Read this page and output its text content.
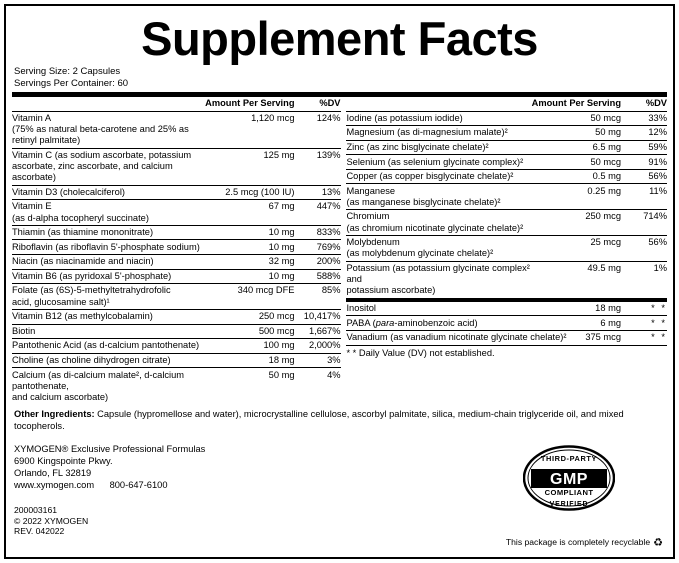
Supplement Facts
Serving Size: 2 Capsules
Servings Per Container: 60
	Amount Per Serving	%DV
Vitamin A
(75% as natural beta-carotene and 25% as retinyl palmitate)	1,120 mcg	124%
Vitamin C (as sodium ascorbate, potassium
ascorbate, zinc ascorbate, and calcium ascorbate)	125 mg	139%
Vitamin D3 (cholecalciferol)	2.5 mcg (100 IU)	13%
Vitamin E
(as d-alpha tocopheryl succinate)	67 mg	447%
Thiamin (as thiamine mononitrate)	10 mg	833%
Riboflavin (as riboflavin 5'-phosphate sodium)	10 mg	769%
Niacin (as niacinamide and niacin)	32 mg	200%
Vitamin B6 (as pyridoxal 5'-phosphate)	10 mg	588%
Folate (as (6S)-5-methyltetrahydrofolic
acid, glucosamine salt)¹	340 mcg DFE	85%
Vitamin B12 (as methylcobalamin)	250 mcg	10,417%
Biotin	500 mcg	1,667%
Pantothenic Acid (as d-calcium pantothenate)	100 mg	2,000%
Choline (as choline dihydrogen citrate)	18 mg	3%
Calcium (as di-calcium malate², d-calcium pantothenate,
and calcium ascorbate)	50 mg	4%
	Amount Per Serving	%DV
Iodine (as potassium iodide)	50 mcg	33%
Magnesium (as di-magnesium malate)²	50 mg	12%
Zinc (as zinc bisglycinate chelate)²	6.5 mg	59%
Selenium (as selenium glycinate complex)²	50 mcg	91%
Copper (as copper bisglycinate chelate)²	0.5 mg	56%
Manganese
(as manganese bisglycinate chelate)²	0.25 mg	11%
Chromium
(as chromium nicotinate glycinate chelate)²	250 mcg	714%
Molybdenum
(as molybdenum glycinate chelate)²	25 mcg	56%
Potassium (as potassium glycinate complex² and
potassium ascorbate)	49.5 mg	1%
Inositol	18 mg	* *
PABA (para-aminobenzoic acid)	6 mg	* *
Vanadium (as vanadium nicotinate glycinate chelate)²	375 mcg	* *
* * Daily Value (DV) not established.
Other Ingredients: Capsule (hypromellose and water), microcrystalline cellulose, ascorbyl palmitate, silica, medium-chain triglyceride oil, and mixed tocopherols.
XYMOGEN® Exclusive Professional Formulas
6900 Kingspointe Pkwy.
Orlando, FL 32819
www.xymogen.com 800-647-6100
200003161
© 2022 XYMOGEN
REV. 042022
GMP
COMPLIANT
THIRD-PARTY
VERIFIED
This package is completely recyclable ♻
